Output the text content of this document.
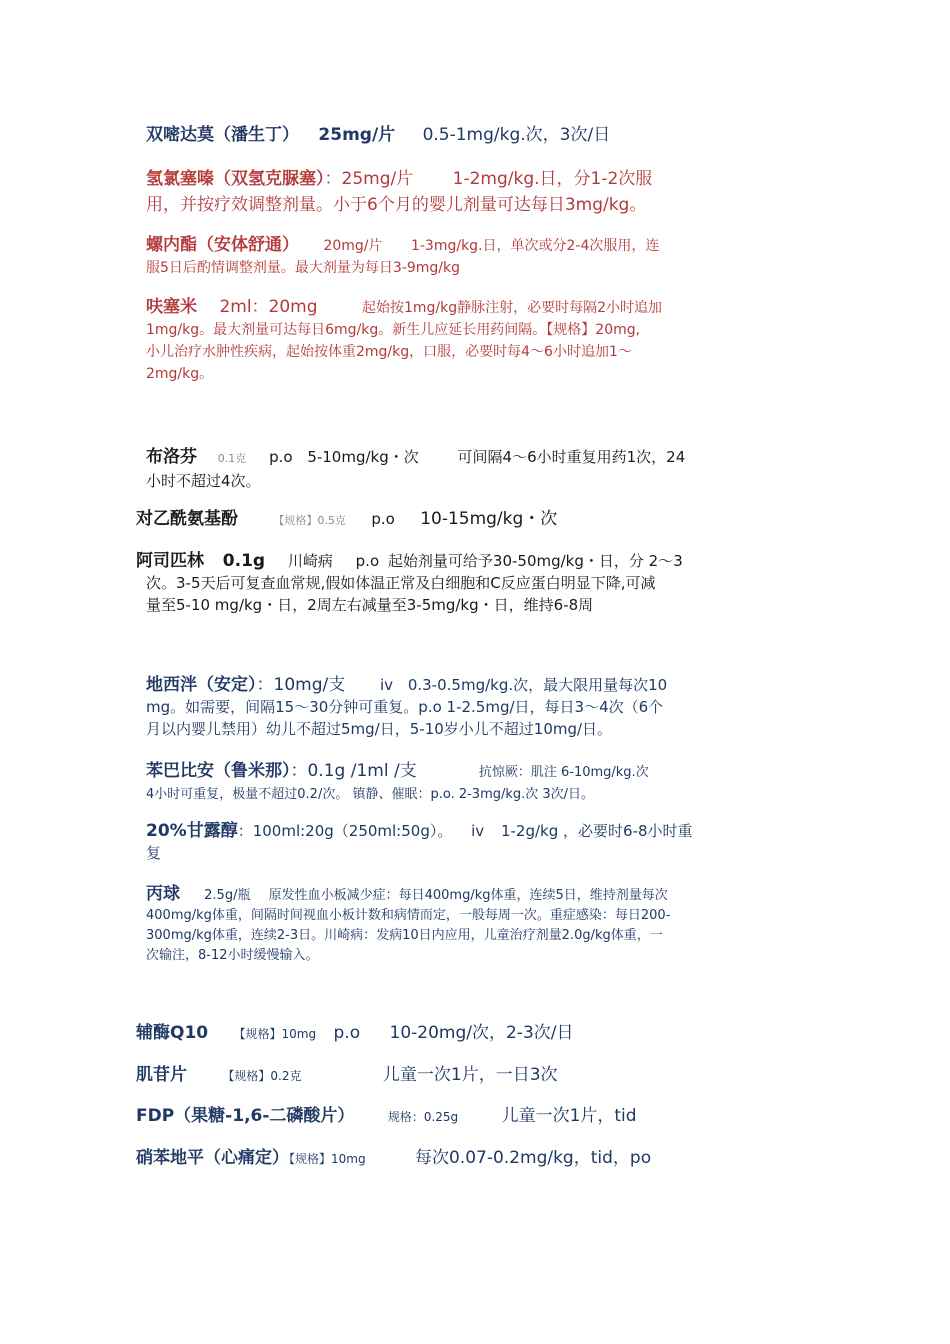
双嘧达莫（潘生丁） 25mg/片 0.5-1mg/kg.次，3次/日

氢氯塞嗪（双氢克脲塞）：25mg/片 1-2mg/kg.日，分1-2次服

用，并按疗效调整剂量。小于6个月的婴儿剂量可达每日3mg/kg。

螺内酯（安体舒通） 20mg/片 1-3mg/kg.日，单次或分2-4次服用，连

服5日后酌情调整剂量。最大剂量为每日3-9mg/kg

呋塞米 2ml：20mg	起始按1mg/kg静脉注射，必要时每隔2小时追加

1mg/kg。最大剂量可达每日6mg/kg。新生儿应延长用药间隔。【规格】20mg,

小儿治疗水肿性疾病，起始按体重2mg/kg，口服，必要时每4～6小时追加1～

2mg/kg。

布洛芬 0.1克 p.o 5-10mg/kg・次	可间隔4～6小时重复用药1次，24

小时不超过4次。

对乙酰氨基酚	【规格】0.5克 p.o 10-15mg/kg・次

阿司匹林 0.1g 川崎病 p.o 起始剂量可给予30-50mg/kg・日，分 2～3

次。3-5天后可复查血常规,假如体温正常及白细胞和C反应蛋白明显下降,可减

量至5-10 mg/kg・日，2周左右减量至3-5mg/kg・日，维持6-8周

地西泮（安定）：10mg/支 iv 0.3-0.5mg/kg.次，最大限用量每次10

mg。如需要，间隔15～30分钟可重复。p.o 1-2.5mg/日，每日3～4次（6个

月以内婴儿禁用）幼儿不超过5mg/日，5-10岁小儿不超过10mg/日。

苯巴比安（鲁米那）：0.1g /1ml /支	抗惊厥：肌注 6-10mg/kg.次

4小时可重复，极量不超过0.2/次。 镇静、催眠：p.o. 2-3mg/kg.次 3次/日。

20%甘露醇：100ml:20g（250ml:50g）。 iv 1-2g/kg ，必要时6-8小时重

复

丙球 2.5g/瓶 原发性血小板减少症：每日400mg/kg体重，连续5日，维持剂量每次

400mg/kg体重，间隔时间视血小板计数和病情而定，一般每周一次。重症感染：每日200-

300mg/kg体重，连续2-3日。川崎病：发病10日内应用，儿童治疗剂量2.0g/kg体重，一

次输注，8-12小时缓慢输入。

辅酶Q10 【规格】10mg p.o 10-20mg/次，2-3次/日

肌苷片	【规格】0.2克	儿童一次1片，一日3次

FDP（果糖-1,6-二磷酸片）	规格：0.25g	儿童一次1片，tid

硝苯地平（心痛定）【规格】10mg	每次0.07-0.2mg/kg，tid，po
